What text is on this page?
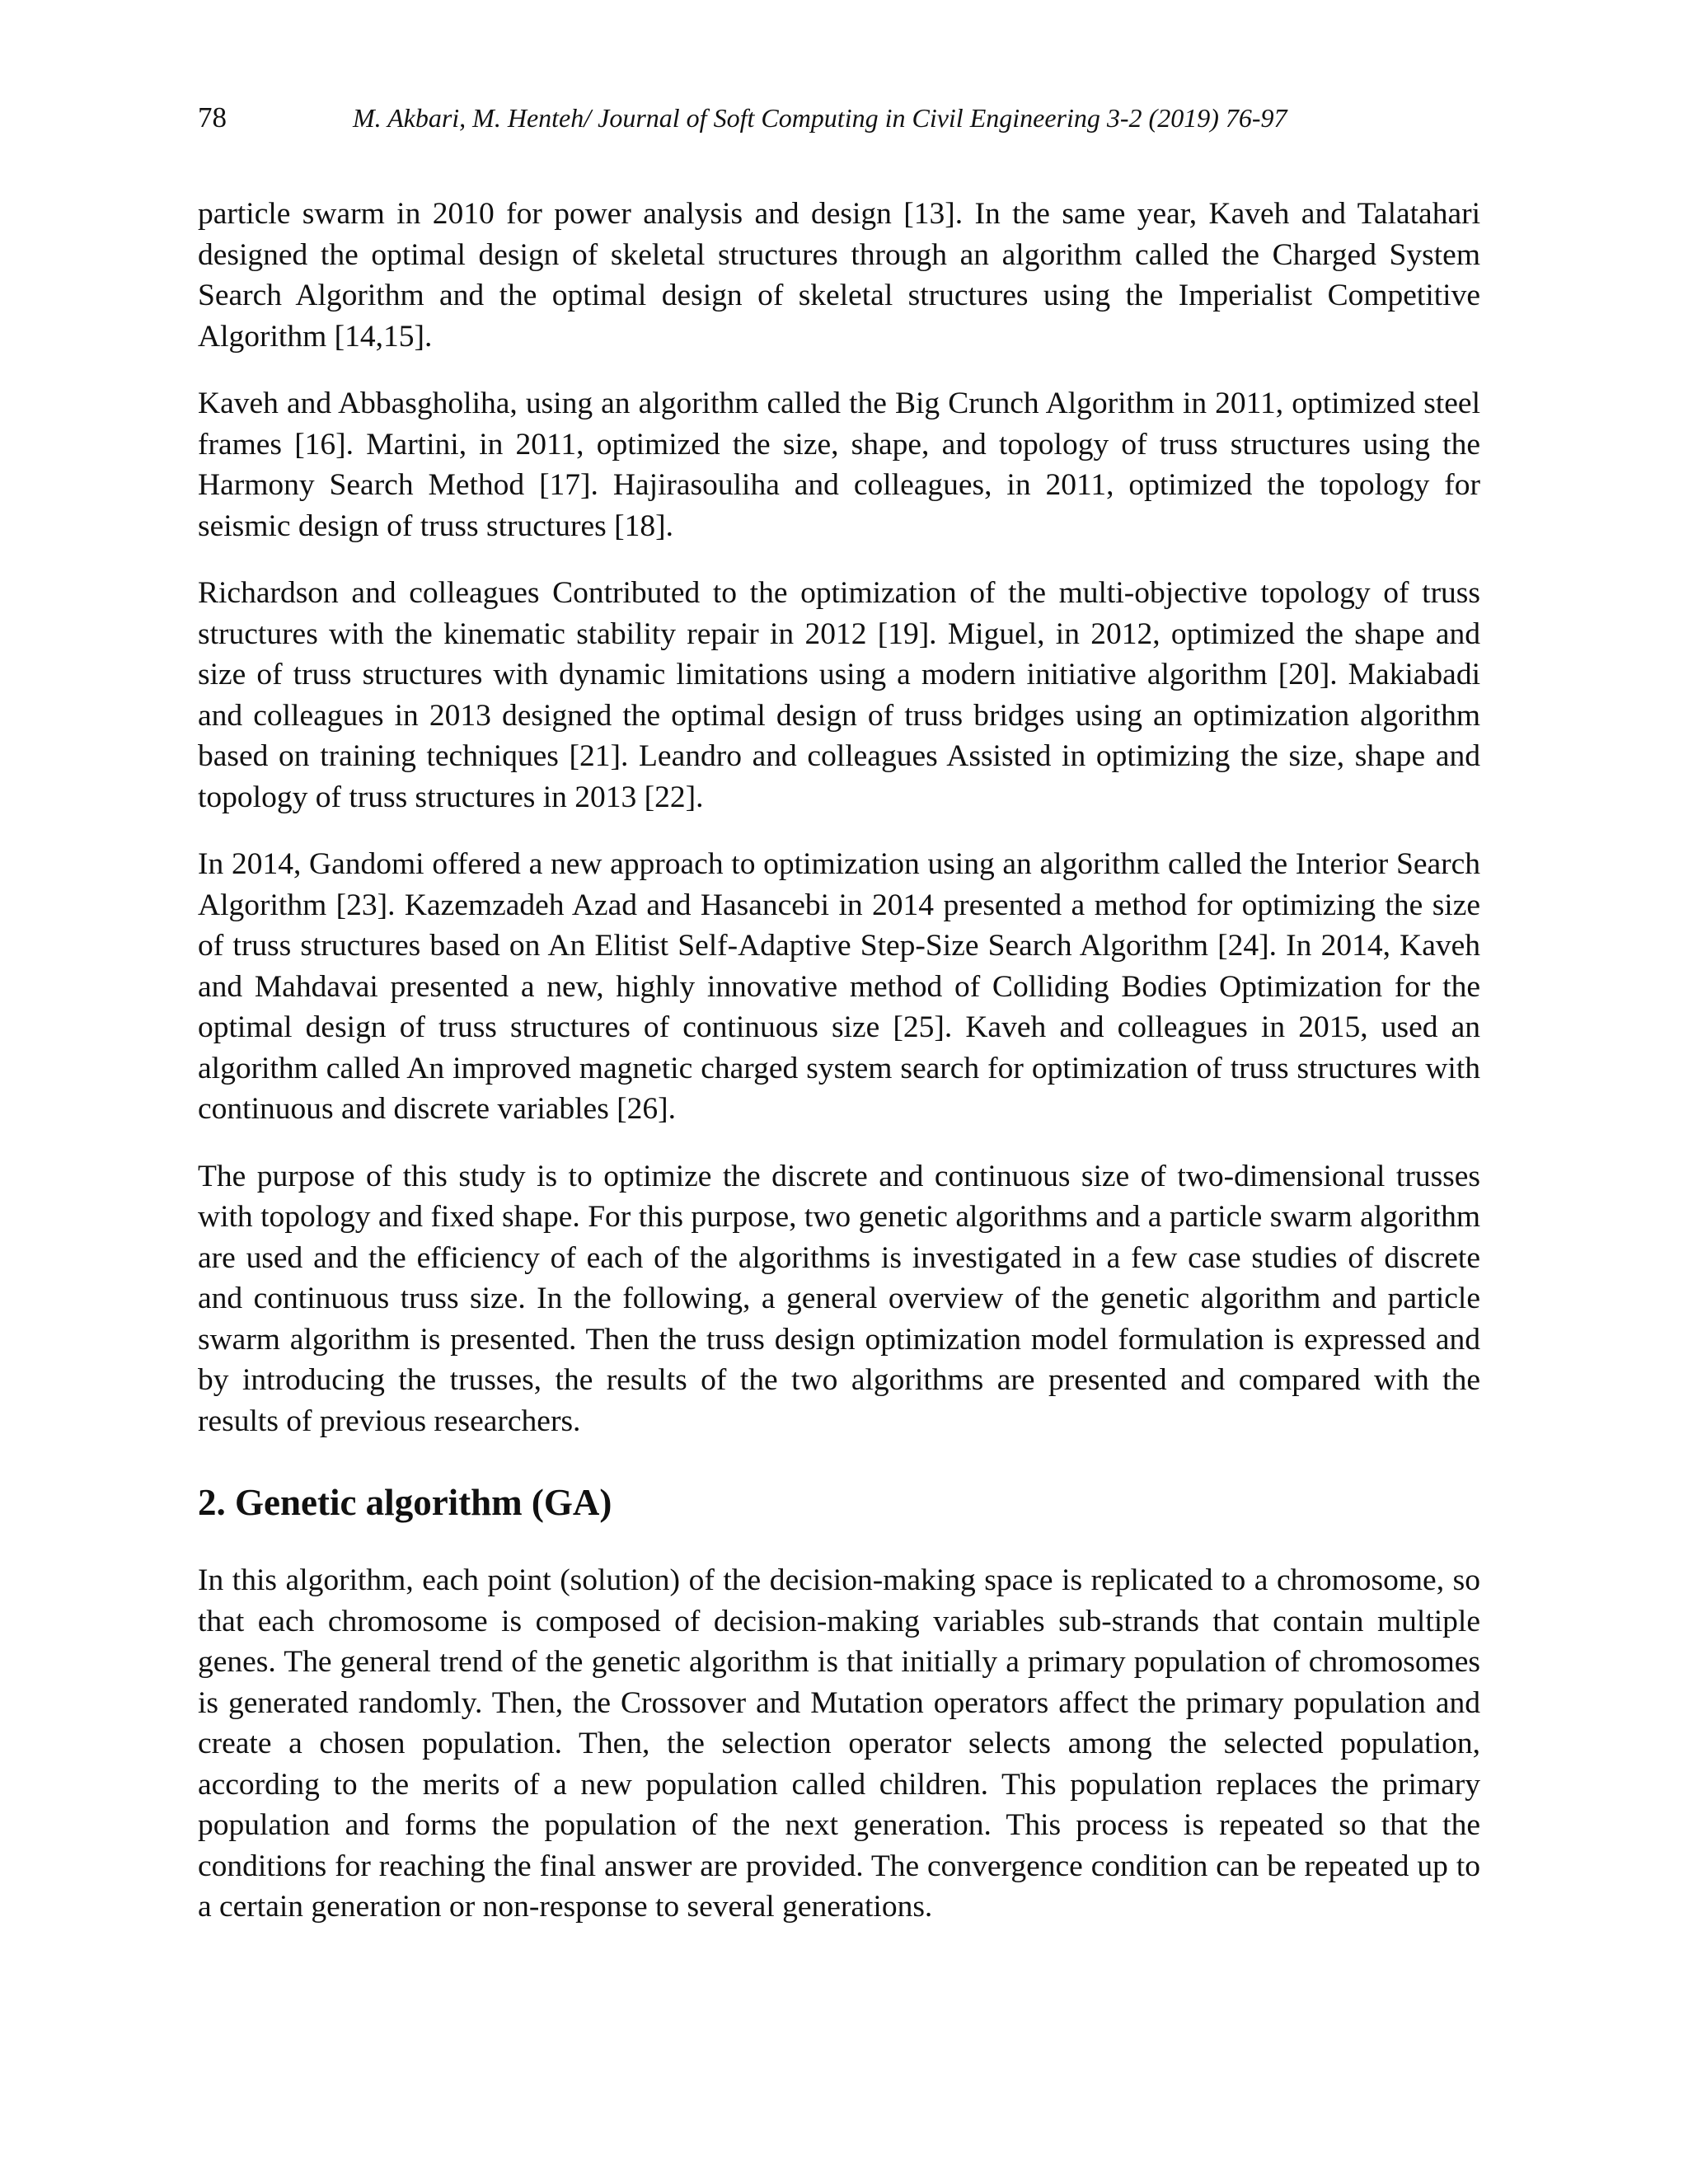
78	M. Akbari, M. Henteh/ Journal of Soft Computing in Civil Engineering 3-2 (2019) 76-97

particle swarm in 2010 for power analysis and design [13]. In the same year, Kaveh and Talatahari designed the optimal design of skeletal structures through an algorithm called the Charged System Search Algorithm and the optimal design of skeletal structures using the Imperialist Competitive Algorithm [14,15].

Kaveh and Abbasgholiha, using an algorithm called the Big Crunch Algorithm in 2011, optimized steel frames [16]. Martini, in 2011, optimized the size, shape, and topology of truss structures using the Harmony Search Method [17]. Hajirasouliha and colleagues, in 2011, optimized the topology for seismic design of truss structures [18].

Richardson and colleagues Contributed to the optimization of the multi-objective topology of truss structures with the kinematic stability repair in 2012 [19]. Miguel, in 2012, optimized the shape and size of truss structures with dynamic limitations using a modern initiative algorithm [20]. Makiabadi and colleagues in 2013 designed the optimal design of truss bridges using an optimization algorithm based on training techniques [21]. Leandro and colleagues Assisted in optimizing the size, shape and topology of truss structures in 2013 [22].

In 2014, Gandomi offered a new approach to optimization using an algorithm called the Interior Search Algorithm [23]. Kazemzadeh Azad and Hasancebi in 2014 presented a method for optimizing the size of truss structures based on An Elitist Self-Adaptive Step-Size Search Algorithm [24]. In 2014, Kaveh and Mahdavai presented a new, highly innovative method of Colliding Bodies Optimization for the optimal design of truss structures of continuous size [25]. Kaveh and colleagues in 2015, used an algorithm called An improved magnetic charged system search for optimization of truss structures with continuous and discrete variables [26].

The purpose of this study is to optimize the discrete and continuous size of two-dimensional trusses with topology and fixed shape. For this purpose, two genetic algorithms and a particle swarm algorithm are used and the efficiency of each of the algorithms is investigated in a few case studies of discrete and continuous truss size. In the following, a general overview of the genetic algorithm and particle swarm algorithm is presented. Then the truss design optimization model formulation is expressed and by introducing the trusses, the results of the two algorithms are presented and compared with the results of previous researchers.

2. Genetic algorithm (GA)

In this algorithm, each point (solution) of the decision-making space is replicated to a chromosome, so that each chromosome is composed of decision-making variables sub-strands that contain multiple genes. The general trend of the genetic algorithm is that initially a primary population of chromosomes is generated randomly. Then, the Crossover and Mutation operators affect the primary population and create a chosen population. Then, the selection operator selects among the selected population, according to the merits of a new population called children. This population replaces the primary population and forms the population of the next generation. This process is repeated so that the conditions for reaching the final answer are provided. The convergence condition can be repeated up to a certain generation or non-response to several generations.
